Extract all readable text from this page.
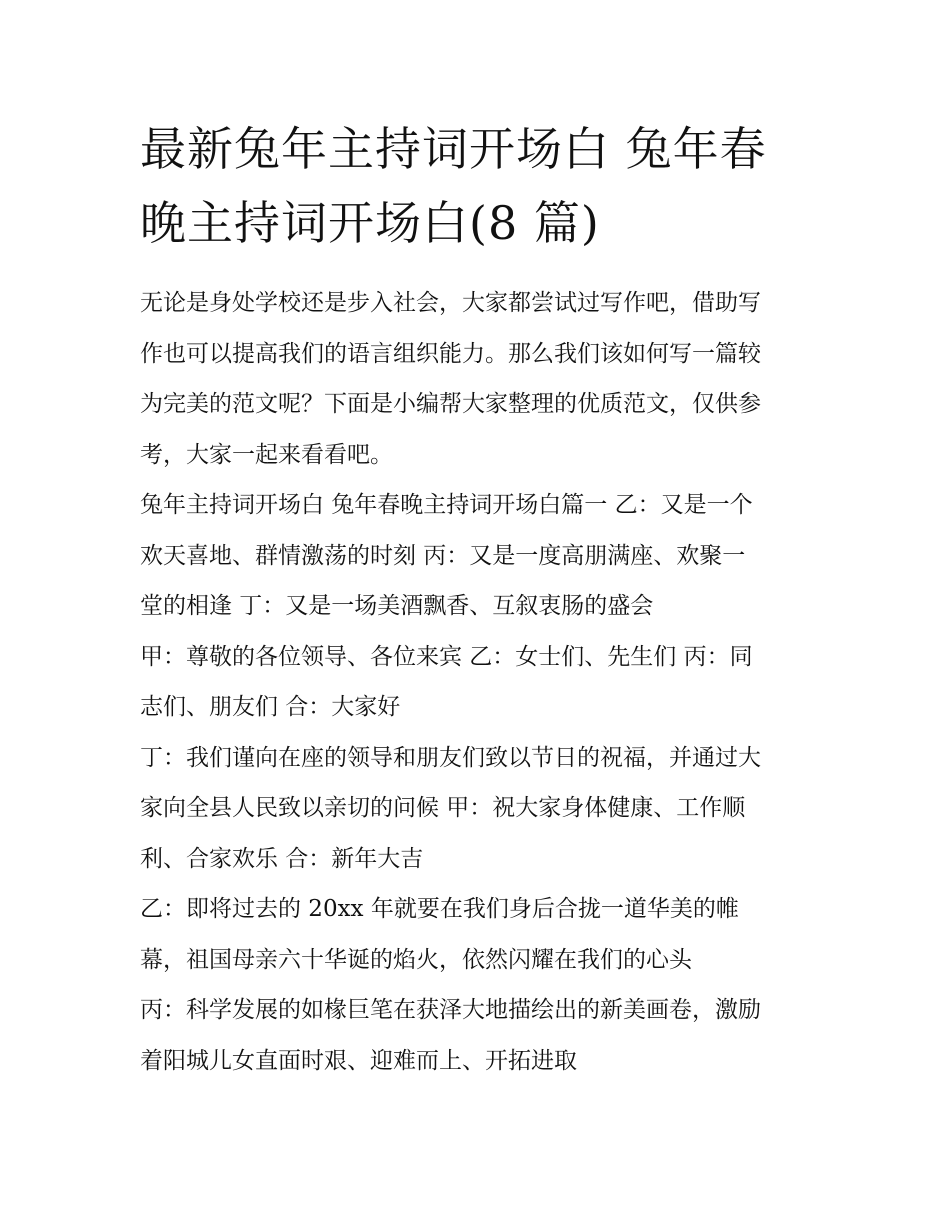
最新兔年主持词开场白 兔年春
晚主持词开场白(8 篇)

无论是身处学校还是步入社会，大家都尝试过写作吧，借助写
作也可以提高我们的语言组织能力。那么我们该如何写一篇较
为完美的范文呢？下面是小编帮大家整理的优质范文，仅供参
考，大家一起来看看吧。

兔年主持词开场白 兔年春晚主持词开场白篇一 乙：又是一个
欢天喜地、群情激荡的时刻 丙：又是一度高朋满座、欢聚一
堂的相逢 丁：又是一场美酒飘香、互叙衷肠的盛会

甲：尊敬的各位领导、各位来宾 乙：女士们、先生们 丙：同
志们、朋友们 合：大家好

丁：我们谨向在座的领导和朋友们致以节日的祝福，并通过大
家向全县人民致以亲切的问候 甲：祝大家身体健康、工作顺
利、合家欢乐 合：新年大吉

乙：即将过去的 20xx 年就要在我们身后合拢一道华美的帷
幕，祖国母亲六十华诞的焰火，依然闪耀在我们的心头

丙：科学发展的如椽巨笔在获泽大地描绘出的新美画卷，激励
着阳城儿女直面时艰、迎难而上、开拓进取
